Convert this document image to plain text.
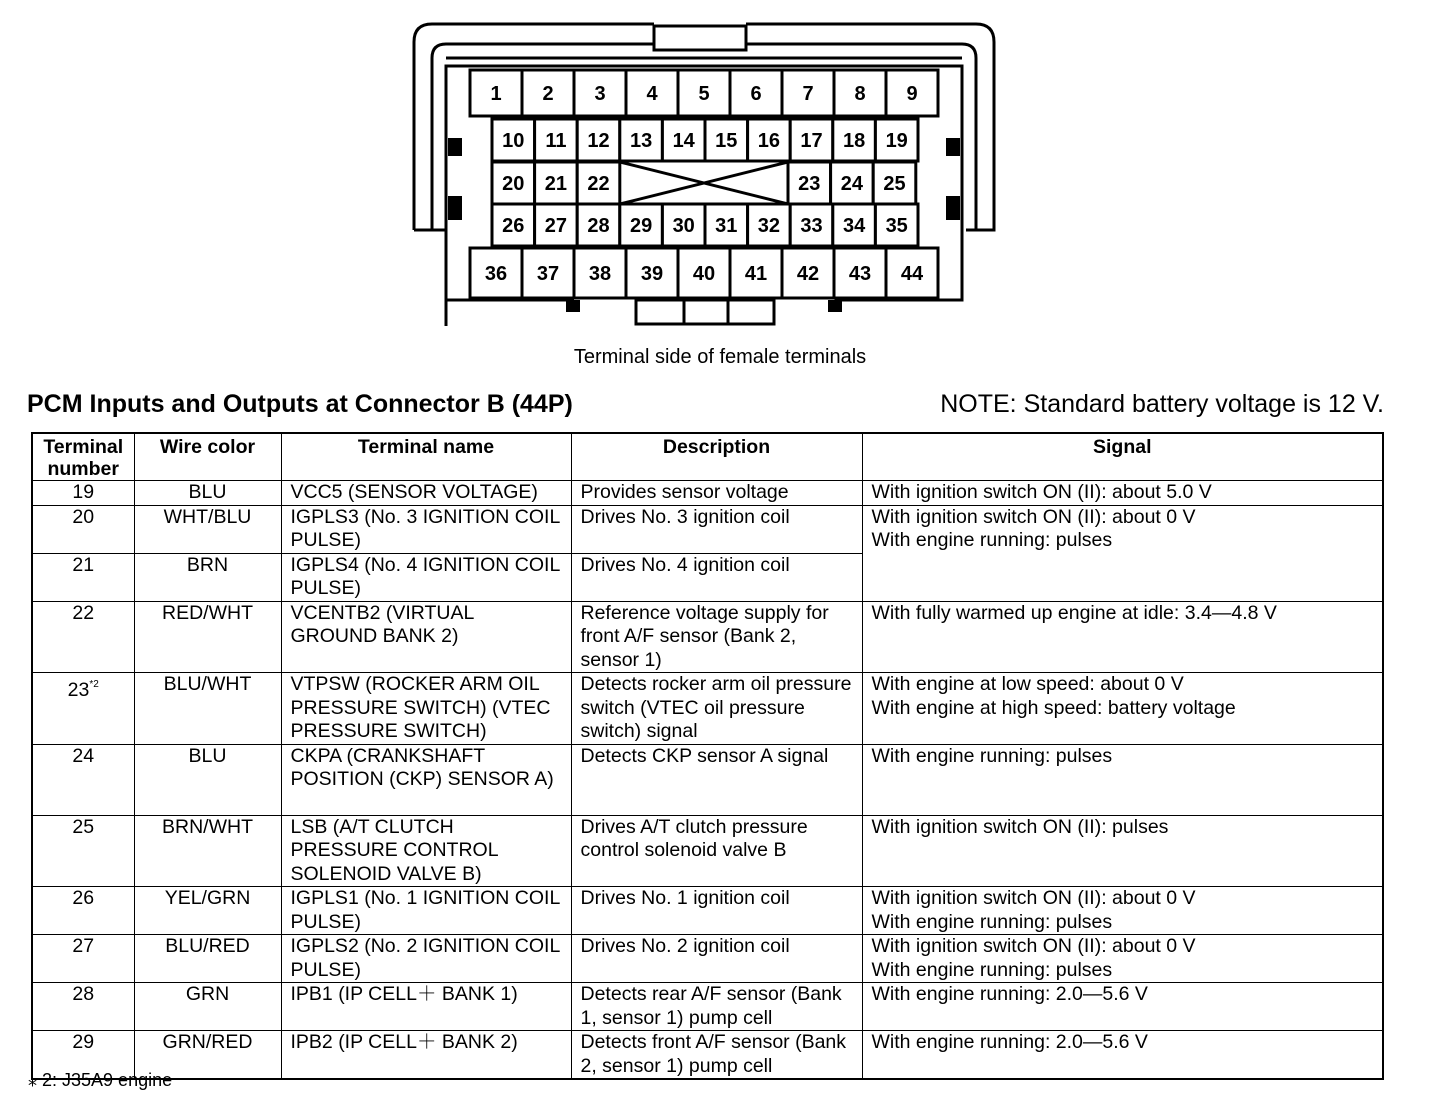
1 2 3 4 5 6 7 8 9
10 11 12 13 14 15 16 17 18 19
20 21 22	23 24 25
26 27 28 29 30 31 32 33 34 35
36 37 38 39 40 41 42 43 44
Terminal side of female terminals
PCM Inputs and Outputs at Connector B (44P)	NOTE: Standard battery voltage is 12 V.
Terminal
number	Wire color	Terminal name	Description	Signal
19	BLU	VCC5 (SENSOR VOLTAGE)	Provides sensor voltage	With ignition switch ON (II): about 5.0 V

20	WHT/BLU	IGPLS3 (No. 3 IGNITION COIL PULSE)	Drives No. 3 ignition coil	With ignition switch ON (II): about 0 V
With engine running: pulses

21	BRN	IGPLS4 (No. 4 IGNITION COIL PULSE)	Drives No. 4 ignition coil	
22	RED/WHT	VCENTB2 (VIRTUAL GROUND BANK 2)	Reference voltage supply for front A/F sensor (Bank 2, sensor 1)	With fully warmed up engine at idle: 3.4—4.8 V

23$^{*2}$	BLU/WHT	VTPSW (ROCKER ARM OIL PRESSURE SWITCH) (VTEC PRESSURE SWITCH)	Detects rocker arm oil pressure switch (VTEC oil pressure switch) signal	With engine at low speed: about 0 V
With engine at high speed: battery voltage

24	BLU	CKPA (CRANKSHAFT POSITION (CKP) SENSOR A)	Detects CKP sensor A signal	With engine running: pulses

25	BRN/WHT	LSB (A/T CLUTCH PRESSURE CONTROL SOLENOID VALVE B)	Drives A/T clutch pressure control solenoid valve B	With ignition switch ON (II): pulses

26	YEL/GRN	IGPLS1 (No. 1 IGNITION COIL PULSE)	Drives No. 1 ignition coil	With ignition switch ON (II): about 0 V
With engine running: pulses

27	BLU/RED	IGPLS2 (No. 2 IGNITION COIL PULSE)	Drives No. 2 ignition coil	With ignition switch ON (II): about 0 V
With engine running: pulses

28	GRN	IPB1 (IP CELL＋ BANK 1)	Detects rear A/F sensor (Bank 1, sensor 1) pump cell	With engine running: 2.0—5.6 V

29	GRN/RED	IPB2 (IP CELL＋ BANK 2)	Detects front A/F sensor (Bank 2, sensor 1) pump cell	With engine running: 2.0—5.6 V
⁎ 2: J35A9 engine
